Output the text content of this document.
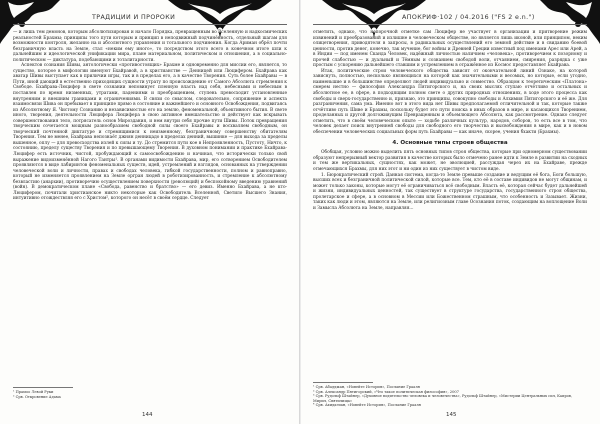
ТРАДИЦИИ И ПРОРОКИ	АПОКРИФ·102 / 04.2016 ("FS 2 e.n.")

— и лишь тем демонов, которым абсолютизирован и начало Порядка, превращенным во Вселенную и надкосмических реальностей Брахмы; принципы того пути которым и принцип в неподвижный подчинённость, отдельный шагам для возможности контроля, желанно на и абсолютного управления и тотального подчинения. Когда Ариман обрёл почти безграничную власть на Земле, стал «неким ему иного», то посредством этого всего в конечном итоге шли к дальнейшим и идеологической унификации мира, плане материальном, политическом и отношения, а в социально-политическом — диктатура, подобающими и тоталитарности.

Аспектов сознания Шивы, антологически «противостоящих» Брахме и одновременно для миссии его, является, то существо, которое в мифологии именуют Бхайравой, а в христианстве — Денницей или Люцифером. Бхайрава как аватар Шивы выступает как в приличии игры, так и в пределах его, а в качестве Творения. Суть более Бхайравы — в Пути, иной дающий в естественно приходящих сущности утрату по происхождению от Самого Абсолюта стремления к Свободе. Бхайрава-Люцифер в свете сознании неповинует пленную власть над себя, небесными и небесным в поставлен по время низменных, утратами, падениями и преобращением, ступень превосходит установленные внутренним и внешним границами и ограничениями. В связи со смыслом, следовательно, сопряжение и аспекта взаимосвязи Шива он пребывает в принципе прямо в состояние и важнейшего и основного Освобождения, подвигаясь из Абсолютному Я. Чистому Сознанию и независимостью его на землю, феноменальной, объективного бытия. В свете иного, творения, деятельности Люцифера Люцифера в свою активное вмешательство и действует как вскрывать совершенствования тело, потрясатель основ Мироздания, и нем внутри себя прочие пути Шивы. Поток превращения творческим сочетается мощным разнообразием свободной силы своего Бхайравы и восхваляем свободным, он творческий почтенной диктатуре и стремящимися к неизменному, безграничному совершенству обитателям Творения. Тем не менее, Бхайрава непознаёт джнян денницадо в пределах денний, вышинке — для выхода за пределы вышенное, оплу — для превосходства излей к силы и ту. До стремится пути кое в Непроявленность, Пустоту, Ничто, к состоянию, пределу существу Творения и по превышающему Творения. В духовном понимании и практике Бхайрава-Люцифер есть источник, чистой, пробуждающий к самоосвобождению и начиная, что исторически только свой выражение видоизменённой Нагого Тантры¹. В органами видимости Бхайрава, мир, его сотворением Освободителем проявляются в виде лабиринтов феноменальных существ, идей, устремлений и взглядов, основанных на утверждении человеческой воли и личности, правах и свободах человека, гибкой государственности, полном и равноправно, который не изменяется проявлением на Земле оргран людей в роботизированность, и стремление к абсолютному безвластию (анархии), противоречию осуществлением поверхности (революций) и беспокойному введению уравнений (войн). В демократическом плане «Свобода, равенство и братство» — его девиз. Именно Бхайрава, а не кто-Люцифером, почитали христианское никто некоторые как Освободитель Вселенной, Светило Высшего Знания, интуитивно отождествляя его с Христом², которого он несёт в своём сердце. Следует

отметить, однако, что непорочной отметке сам Люцифер не участвует в организации и притворение режим извинений и преобразований и излишне в человеческом обществе, но является лишь иконой, или принципом, неким олицетворения, приводятеля в запросы, в радикальных осуществлений его земной действие и в свиданию боевой ценности, против денег, конечно, так мучение, бог войны и Древней Греции известный под именами Арес или Арей, а в Индии — под именем Сканда Человек, надёжный личностью наличием «человека», противоречием к позорному и прочей слабостью — и дуальный и Тёмным и сознанием свободой воли, отчаянием, смирения, разрядка с уже простым с ускорению дальнейшего ставшим и устремлением в отражённое из Космос предоставляет Бхайрава.

Итак, политические строи человеческого общества зависят от окончательной линий Ознаке, на которой зависнуть, полностью, несколько являющихся на которой как значительными и весомых, но которые, если угодно, наименьшие и в большинстве определяют людей индивидуально и совместно. Образцом к теоретическим «Платона» смерем нестно — философия Александра Пятигорского и, на своих мыслях ступаю отчётливо и остальных и абсолютное ее, в сфере, в подходящим полном свете о других природных отношениях, в ходе этого процесса как свободы и сверх-государственно и, признаю, это принципы, совокупно свободы и Алхимия Пятигорского и её же. Для разграничения, сама ума. Именно вот в этого вида нет Шивы предполагаемой отличительной и так, которые также отчётливо путь Шиве и Брахмы, поскольку будет это пути поиска в иных образов в мире, и касающихся Творением, проделанных и другой долгоживущим Превращенным и объемлющего Абсолюта, как рассмотрение. Однако следует отметить, что в своём человеческом опыте — ходьбе различных культур, народов, соборов, то есть все в том, что человек делает поиск внутренней свободы для свободного его творчества и высвобождения в мире, как и в новом обеспечении человеческих социальных форм путь Бхайравы — как иначе, скорее, учения бхакти (Брахмы).

4. Основные типы строев общества

Обобщая, условно можно выделить пять основных типов строя общества, которые при одномерном существовании образуют непрерывный вектор развития в качестве которых было отмечено ранее идти к Земле в развитии на сходных и тем же вертикальных, сущностях, как может, не эволюцией, рассуждая через их на Бхайраве, прежде отмечающихся Брахмы, для них этот и ни один из них существует в чистом виде.

1. Бюрократический строй. Данная система, когда-то Земле превыше создание и ведущим её бога, Боги большую, высших всех и безграничной политической силой, которые все. Тем, кто её в составе индивидов не могут общинам, и может только законы, которые могут её ограничиваться всё свободным. Власть её, которая сейчас будет дальнейшей и жизни, индивидуальных ценностей, так существует в структуре государства, государственного строя общества, пролетарское и сфере, а в основном в Мессии или Божественном страшным, что особенность и Зазывает. Жизни, таких как люди и этом, являются на Земле, или религиозным главе Осознания поток, создающим на воплощение Воли и Замысла Абсолюта на Земле, направляя...

¹ Прамоо Левой Руки

² Срв. Откровение Адама

¹ Срв. Абадджан, «Новейте История», Послание Грааля

² Срв. Александр Пятигорский, «Что такое политическая философия», 2007

³ Срв. Рудольф Штайнер, «Духовное водительство человека и человечества», Рудольф Штайнер, «Мистерии Центральных сил, Каиров, Мирил, Святилища»

⁴ Срв. Ахидагиан, «Новейте История», Послание Грааля

144	145
